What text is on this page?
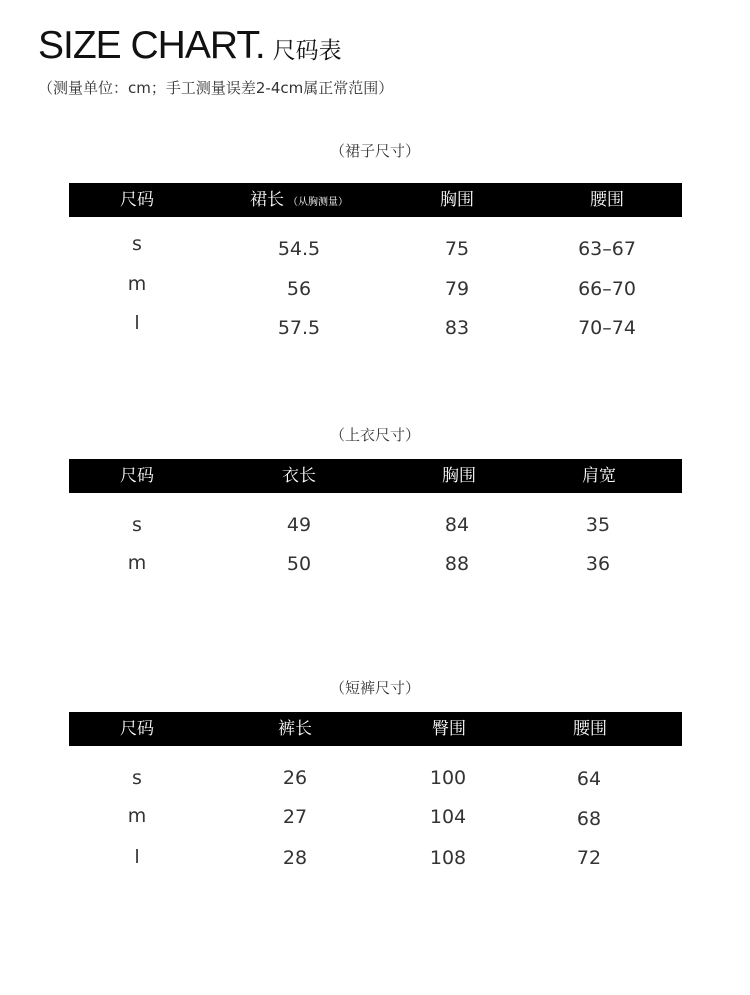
SIZE CHART. 尺码表
（测量单位：cm；手工测量误差2-4cm属正常范围）
（裙子尺寸）
尺码	裙长 （从胸测量）	胸围	腰围
s	54.5	75	63–67
m	56	79	66–70
l	57.5	83	70–74
（上衣尺寸）
尺码	衣长	胸围	肩宽
s	49	84	35
m	50	88	36
（短裤尺寸）
尺码	裤长	臀围	腰围
s	26	100	64
m	27	104	68
l	28	108	72
